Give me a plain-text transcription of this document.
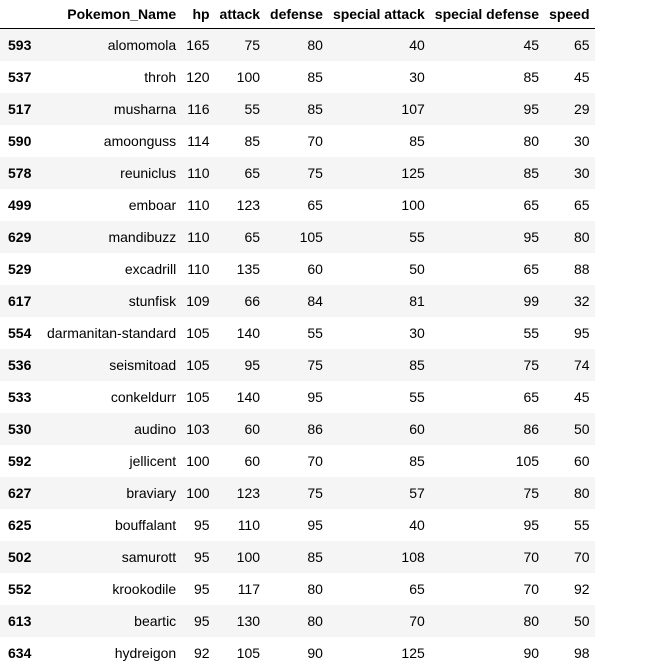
	Pokemon_Name	hp	attack	defense	special attack	special defense	speed
593	alomomola	165	75	80	40	45	65
537	throh	120	100	85	30	85	45
517	musharna	116	55	85	107	95	29
590	amoonguss	114	85	70	85	80	30
578	reuniclus	110	65	75	125	85	30
499	emboar	110	123	65	100	65	65
629	mandibuzz	110	65	105	55	95	80
529	excadrill	110	135	60	50	65	88
617	stunfisk	109	66	84	81	99	32
554	darmanitan-standard	105	140	55	30	55	95
536	seismitoad	105	95	75	85	75	74
533	conkeldurr	105	140	95	55	65	45
530	audino	103	60	86	60	86	50
592	jellicent	100	60	70	85	105	60
627	braviary	100	123	75	57	75	80
625	bouffalant	95	110	95	40	95	55
502	samurott	95	100	85	108	70	70
552	krookodile	95	117	80	65	70	92
613	beartic	95	130	80	70	80	50
634	hydreigon	92	105	90	125	90	98
